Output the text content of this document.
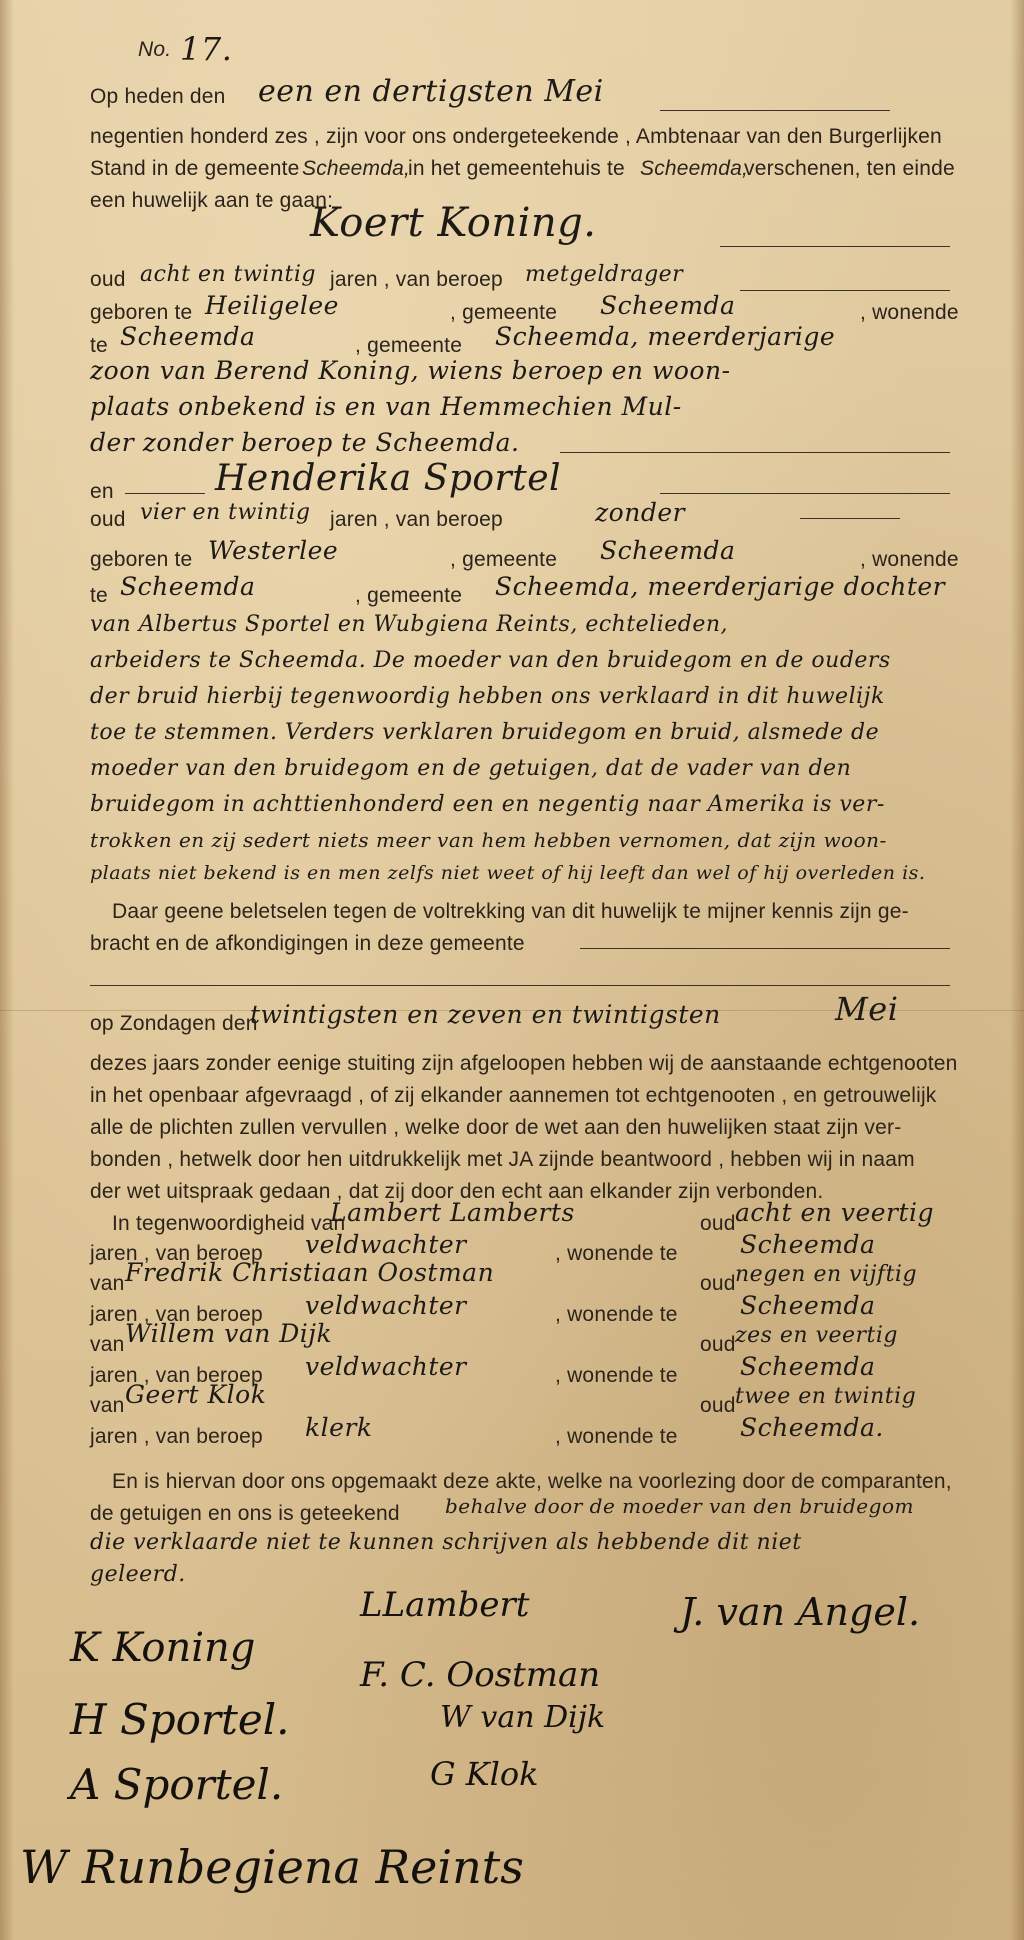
No. 17.
Op heden den een en dertigsten Mei
negentien honderd zes , zijn voor ons ondergeteekende , Ambtenaar van den Burgerlijken
Stand in de gemeente Scheemda,
in het gemeentehuis te Scheemda,
verschenen, ten einde
een huwelijk aan te gaan:
Koert Koning.
oud acht en twintig jaren , van beroep metgeldrager
geboren te Heiligelee	, gemeente Scheemda	, wonende
te Scheemda	, gemeente Scheemda, meerderjarige
zoon van Berend Koning, wiens beroep en woon-
plaats onbekend is en van Hemmechien Mul-
der zonder beroep te Scheemda.
en	Henderika Sportel
oud vier en twintig jaren , van beroep	zonder
geboren te Westerlee	, gemeente Scheemda	, wonende
te Scheemda	, gemeente Scheemda, meerderjarige dochter
van Albertus Sportel en Wubgiena Reints, echtelieden,
arbeiders te Scheemda. De moeder van den bruidegom en de ouders
der bruid hierbij tegenwoordig hebben ons verklaard in dit huwelijk
toe te stemmen. Verders verklaren bruidegom en bruid, alsmede de
moeder van den bruidegom en de getuigen, dat de vader van den
bruidegom in achttienhonderd een en negentig naar Amerika is ver-
trokken en zij sedert niets meer van hem hebben vernomen, dat zijn woon-
plaats niet bekend is en men zelfs niet weet of hij leeft dan wel of hij overleden is.
Daar geene beletselen tegen de voltrekking van dit huwelijk te mijner kennis zijn ge-
bracht en de afkondigingen in deze gemeente
op Zondagen den
twintigsten en zeven en twintigsten	Mei
dezes jaars zonder eenige stuiting zijn afgeloopen hebben wij de aanstaande echtgenooten
in het openbaar afgevraagd , of zij elkander aannemen tot echtgenooten , en getrouwelijk
alle de plichten zullen vervullen , welke door de wet aan den huwelijken staat zijn ver-
bonden , hetwelk door hen uitdrukkelijk met JA zijnde beantwoord , hebben wij in naam
der wet uitspraak gedaan , dat zij door den echt aan elkander zijn verbonden.
In tegenwoordigheid van
Lambert Lamberts	oud acht en veertig
jaren , van beroep veldwachter	, wonende te Scheemda
van Fredrik Christiaan Oostman	oud negen en vijftig
jaren , van beroep veldwachter	, wonende te Scheemda
van Willem van Dijk	oud zes en veertig
jaren , van beroep veldwachter	, wonende te Scheemda
van Geert Klok	oud twee en twintig
jaren , van beroep klerk	, wonende te Scheemda.
En is hiervan door ons opgemaakt deze akte, welke na voorlezing door de comparanten,
de getuigen en ons is geteekend behalve door de moeder van den bruidegom
die verklaarde niet te kunnen schrijven als hebbende dit niet
geleerd.
LLambert	J. van Angel.
K Koning
F. C. Oostman
H Sportel.	W van Dijk
A Sportel.	G Klok
W Runbegiena Reints
